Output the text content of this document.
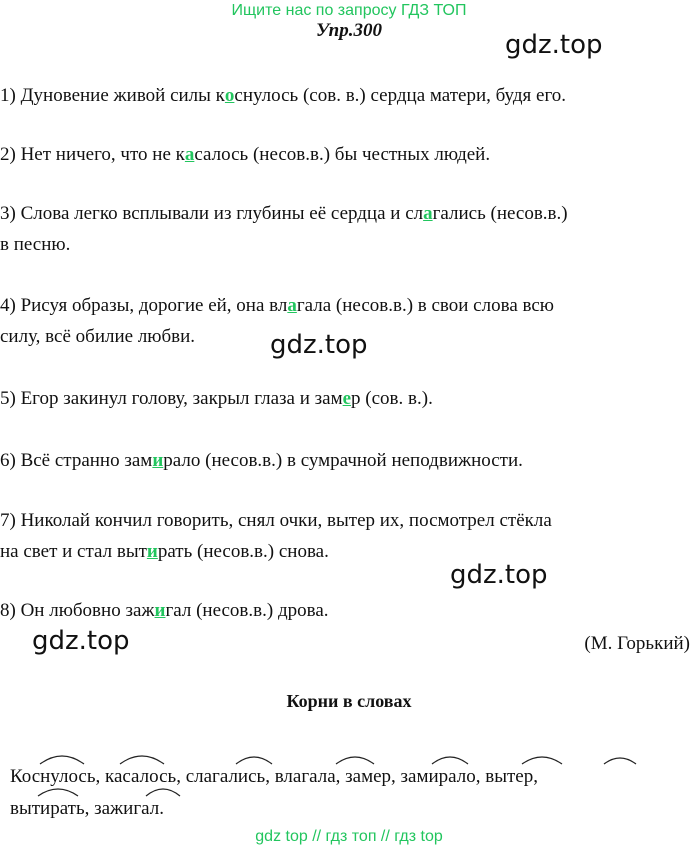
Ищите нас по запросу ГДЗ ТОП
Упр.300	gdz.top
gdz.top
gdz.top
gdz.top
1) Дуновение живой силы коснулось (сов. в.) сердца матери, будя его.
2) Нет ничего, что не касалось (несов.в.) бы честных людей.
3) Слова легко всплывали из глубины её сердца и слагались (несов.в.)
в песню.
4) Рисуя образы, дорогие ей, она влагала (несов.в.) в свои слова всю
силу, всё обилие любви.
5) Егор закинул голову, закрыл глаза и замер (сов. в.).
6) Всё странно замирало (несов.в.) в сумрачной неподвижности.
7) Николай кончил говорить, снял очки, вытер их, посмотрел стёкла
на свет и стал вытирать (несов.в.) снова.
8) Он любовно зажигал (несов.в.) дрова.
(М. Горький)
Корни в словах
Коснулось, касалось, слагались, влагала, замер, замирало, вытер,
вытирать, зажигал.
gdz top // гдз топ // гдз top
